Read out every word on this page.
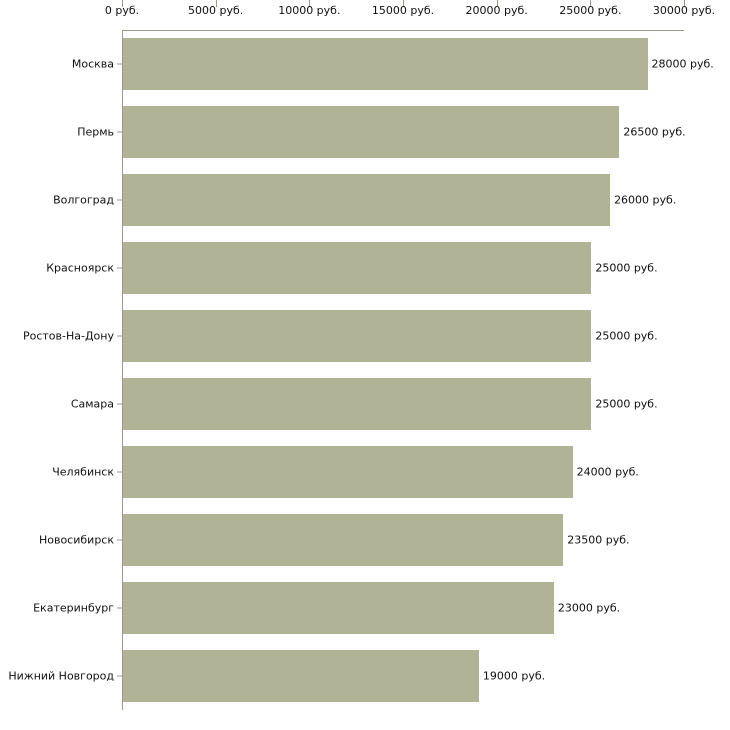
0 руб.	5000 руб.	10000 руб.	15000 руб.	20000 руб.	25000 руб.	30000 руб.
Москва
Пермь
Волгоград
Красноярск
Ростов-На-Дону
Самара
Челябинск
Новосибирск
Екатеринбург
Нижний Новгород
28000 руб.
26500 руб.
26000 руб.
25000 руб.
25000 руб.
25000 руб.
24000 руб.
23500 руб.
23000 руб.
19000 руб.
